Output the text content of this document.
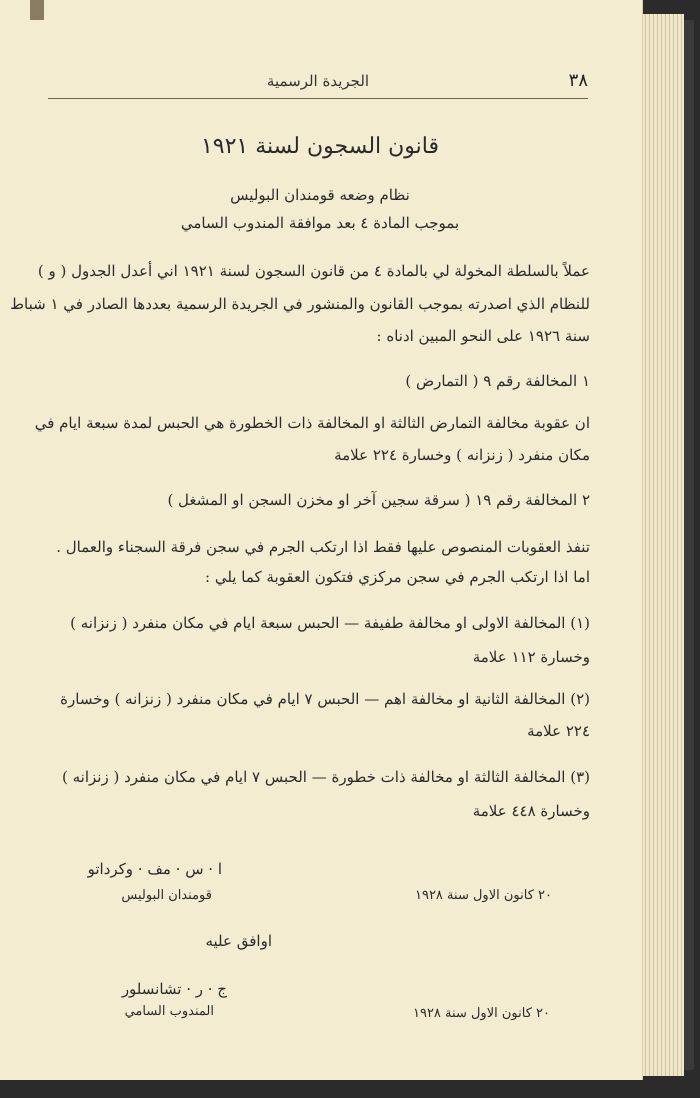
٣٨
الجريدة الرسمية
قانون السجون لسنة ١٩٢١
نظام وضعه قومندان البوليس
بموجب المادة ٤ بعد موافقة المندوب السامي
عملاً بالسلطة المخولة لي بالمادة ٤ من قانون السجون لسنة ١٩٢١ اني أعدل الجدول ( و )
للنظام الذي اصدرته بموجب القانون والمنشور في الجريدة الرسمية بعددها الصادر في ١ شباط
سنة ١٩٢٦ على النحو المبين ادناه :
١ المخالفة رقم ٩ ( التمارض )
ان عقوبة مخالفة التمارض الثالثة او المخالفة ذات الخطورة هي الحبس لمدة سبعة ايام في
مكان منفرد ( زنزانه ) وخسارة ٢٢٤ علامة
٢ المخالفة رقم ١٩ ( سرقة سجين آخر او مخزن السجن او المشغل )
تنفذ العقوبات المنصوص عليها فقط اذا ارتكب الجرم في سجن فرقة السجناء والعمال .
اما اذا ارتكب الجرم في سجن مركزي فتكون العقوبة كما يلي :
(١) المخالفة الاولى او مخالفة طفيفة — الحبس سبعة ايام في مكان منفرد ( زنزانه )
وخسارة ١١٢ علامة
(٢) المخالفة الثانية او مخالفة اهم — الحبس ٧ ايام في مكان منفرد ( زنزانه ) وخسارة
٢٢٤ علامة
(٣) المخالفة الثالثة او مخالفة ذات خطورة — الحبس ٧ ايام في مكان منفرد ( زنزانه )
وخسارة ٤٤٨ علامة
ا · س · مف · وكرداتو
قومندان البوليس	٢٠ كانون الاول سنة ١٩٢٨
اوافق عليه
ج · ر · تشانسلور
المندوب السامي	٢٠ كانون الاول سنة ١٩٢٨
